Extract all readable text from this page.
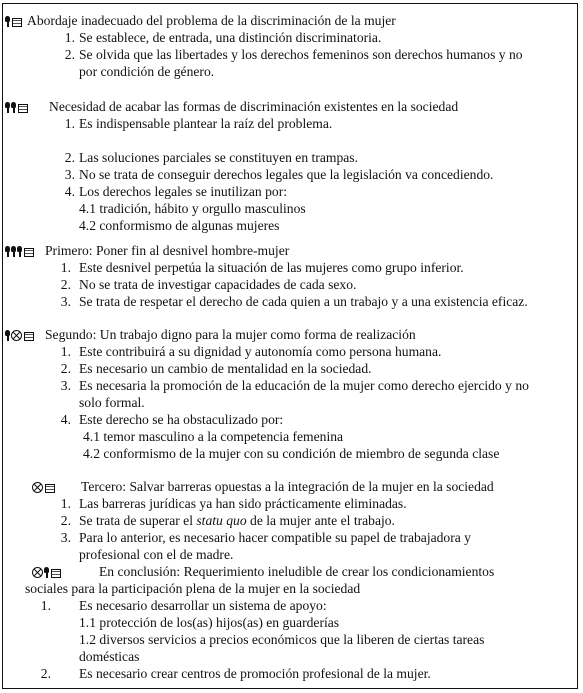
Abordaje inadecuado del problema de la discriminación de la mujer
1. Se establece, de entrada, una distinción discriminatoria.
2. Se olvida que las libertades y los derechos femeninos son derechos humanos y no
por condición de género.
Necesidad de acabar las formas de discriminación existentes en la sociedad
1. Es indispensable plantear la raíz del problema.
2. Las soluciones parciales se constituyen en trampas.
3. No se trata de conseguir derechos legales que la legislación va concediendo.
4. Los derechos legales se inutilizan por:
4.1 tradición, hábito y orgullo masculinos
4.2 conformismo de algunas mujeres
Primero: Poner fin al desnivel hombre-mujer
1. Este desnivel perpetúa la situación de las mujeres como grupo inferior.
2. No se trata de investigar capacidades de cada sexo.
3. Se trata de respetar el derecho de cada quien a un trabajo y a una existencia eficaz.
Segundo: Un trabajo digno para la mujer como forma de realización
1. Este contribuirá a su dignidad y autonomía como persona humana.
2. Es necesario un cambio de mentalidad en la sociedad.
3. Es necesaria la promoción de la educación de la mujer como derecho ejercido y no
solo formal.
4. Este derecho se ha obstaculizado por:
4.1 temor masculino a la competencia femenina
4.2 conformismo de la mujer con su condición de miembro de segunda clase
Tercero: Salvar barreras opuestas a la integración de la mujer en la sociedad
1. Las barreras jurídicas ya han sido prácticamente eliminadas.
2. Se trata de superar el statu quo de la mujer ante el trabajo.
3. Para lo anterior, es necesario hacer compatible su papel de trabajadora y
profesional con el de madre.
En conclusión: Requerimiento ineludible de crear los condicionamientos
sociales para la participación plena de la mujer en la sociedad
1. Es necesario desarrollar un sistema de apoyo:
1.1 protección de los(as) hijos(as) en guarderías
1.2 diversos servicios a precios económicos que la liberen de ciertas tareas
domésticas
2. Es necesario crear centros de promoción profesional de la mujer.
